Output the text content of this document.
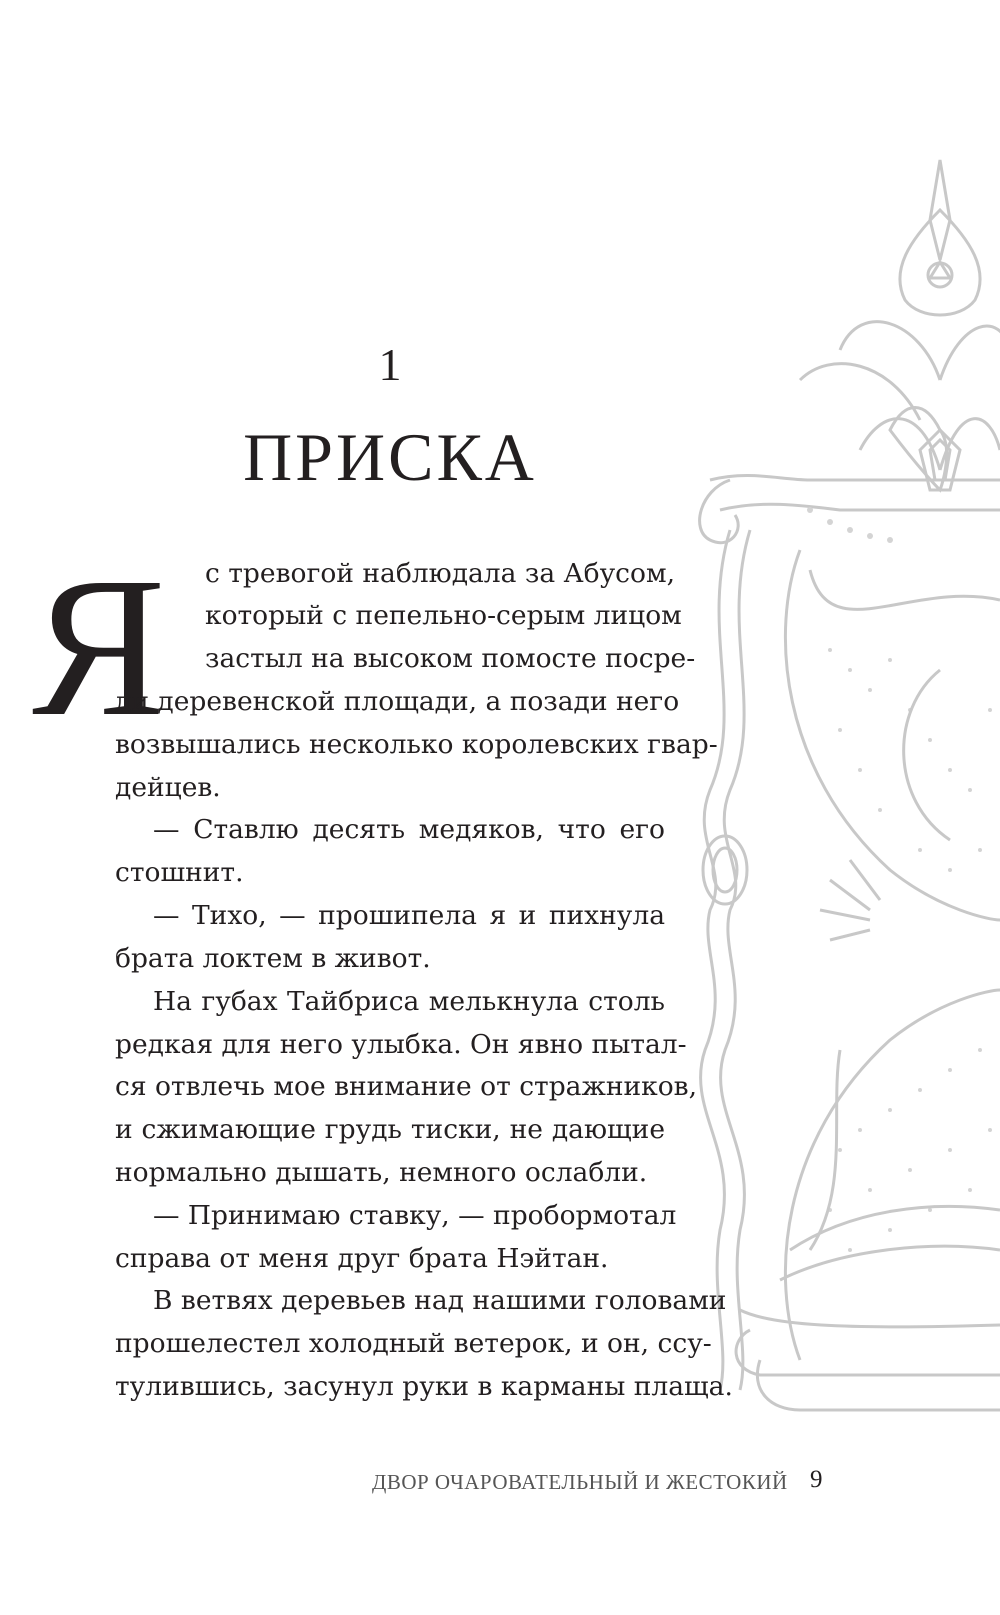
1
ПРИСКА
Я с тревогой наблюдала за Абусом,
который с пепельно-серым лицом
застыл на высоком помосте посре-
ди деревенской площади, а позади него
возвышались несколько королевских гвар-
дейцев.
— Ставлю десять медяков, что его
стошнит.
— Тихо, — прошипела я и пихнула
брата локтем в живот.
На губах Тайбриса мелькнула столь
редкая для него улыбка. Он явно пытал-
ся отвлечь мое внимание от стражников,
и сжимающие грудь тиски, не дающие
нормально дышать, немного ослабли.
— Принимаю ставку, — пробормотал
справа от меня друг брата Нэйтан.
В ветвях деревьев над нашими головами
прошелестел холодный ветерок, и он, ссу-
тулившись, засунул руки в карманы плаща.
ДВОР ОЧАРОВАТЕЛЬНЫЙ И ЖЕСТОКИЙ 9
